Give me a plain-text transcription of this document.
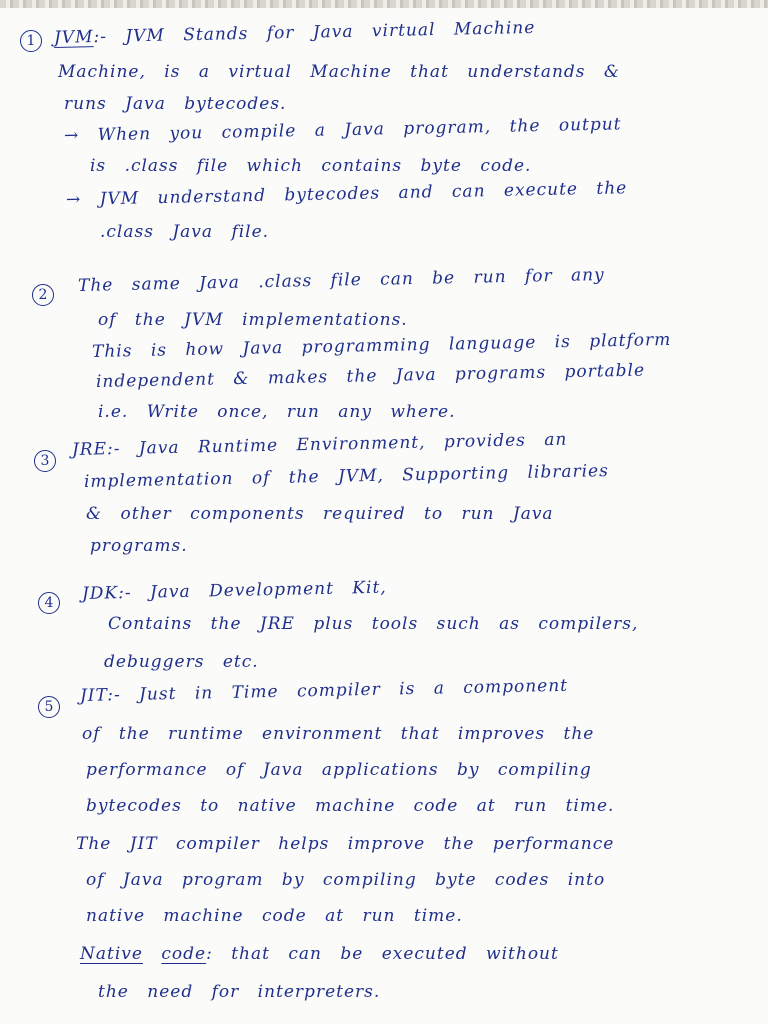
1	JVM:- JVM Stands for Java virtual Machine
Machine, is a virtual Machine that understands &
runs Java bytecodes.
→ When you compile a Java program, the output
is .class file which contains byte code.
→ JVM understand bytecodes and can execute the
.class Java file.
2	The same Java .class file can be run for any
of the JVM implementations.
This is how Java programming language is platform
independent & makes the Java programs portable
i.e. Write once, run any where.
3
JRE:- Java Runtime Environment, provides an
implementation of the JVM, Supporting libraries
& other components required to run Java
programs.
4	JDK:- Java Development Kit,
Contains the JRE plus tools such as compilers,
debuggers etc.
5
JIT:- Just in Time compiler is a component
of the runtime environment that improves the
performance of Java applications by compiling
bytecodes to native machine code at run time.
The JIT compiler helps improve the performance
of Java program by compiling byte codes into
native machine code at run time.
Native code: that can be executed without
the need for interpreters.
